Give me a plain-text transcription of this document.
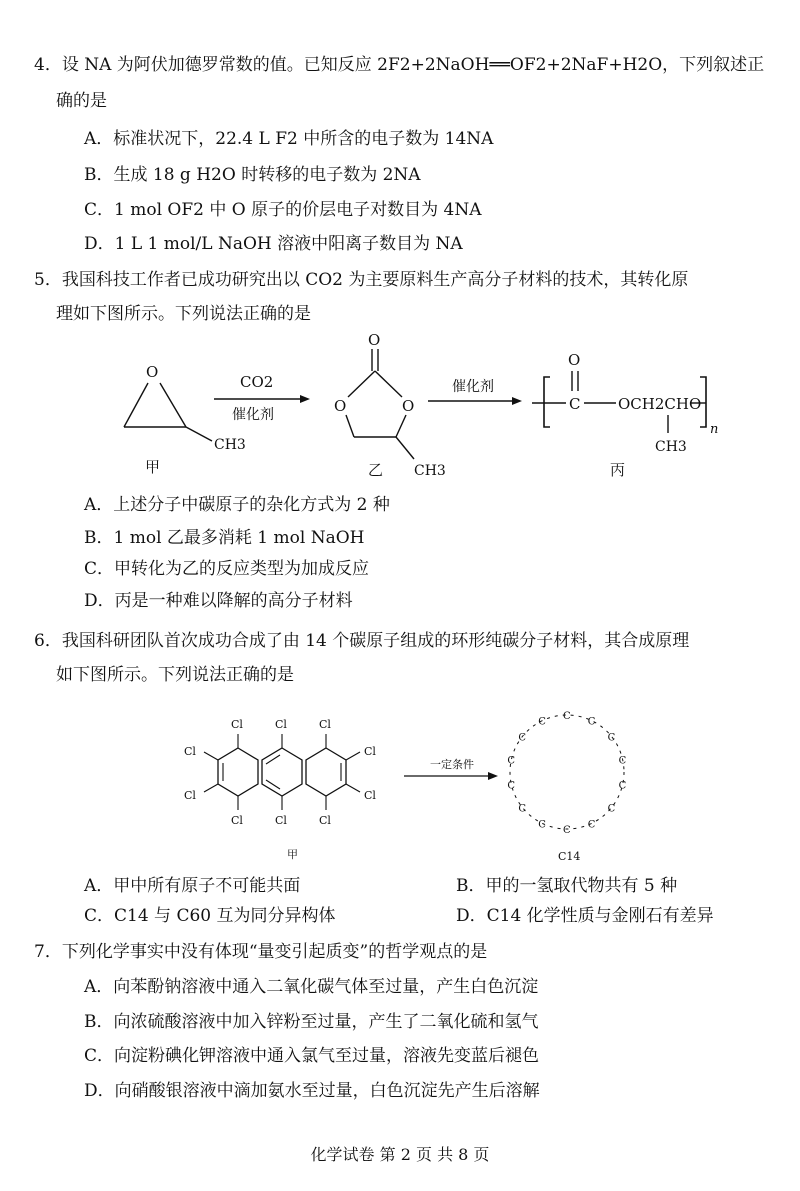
4．设 NA 为阿伏加德罗常数的值。已知反应 2F2+2NaOH══OF2+2NaF+H2O，下列叙述正
确的是
A．标准状况下，22.4 L F2 中所含的电子数为 14NA
B．生成 18 g H2O 时转移的电子数为 2NA
C．1 mol OF2 中 O 原子的价层电子对数目为 4NA
D．1 L 1 mol/L NaOH 溶液中阳离子数目为 NA
5．我国科技工作者已成功研究出以 CO2 为主要原料生产高分子材料的技术，其转化原
理如下图所示。下列说法正确的是
O
CH3
甲
CO2
催化剂
O
O	O
CH3
乙
催化剂
C
O
OCH2CHO
CH3
n
丙
A．上述分子中碳原子的杂化方式为 2 种
B．1 mol 乙最多消耗 1 mol NaOH
C．甲转化为乙的反应类型为加成反应
D．丙是一种难以降解的高分子材料
6．我国科研团队首次成功合成了由 14 个碳原子组成的环形纯碳分子材料，其合成原理
如下图所示。下列说法正确的是
Cl	Cl	Cl
Cl	Cl	Cl
Cl
Cl
Cl
Cl
甲
一定条件
C
C
C
C
C
C
C
C
C
C
C
C
C
C
C14
A．甲中所有原子不可能共面	B．甲的一氢取代物共有 5 种
C．C14 与 C60 互为同分异构体	D．C14 化学性质与金刚石有差异
7．下列化学事实中没有体现“量变引起质变”的哲学观点的是
A．向苯酚钠溶液中通入二氧化碳气体至过量，产生白色沉淀
B．向浓硫酸溶液中加入锌粉至过量，产生了二氧化硫和氢气
C．向淀粉碘化钾溶液中通入氯气至过量，溶液先变蓝后褪色
D．向硝酸银溶液中滴加氨水至过量，白色沉淀先产生后溶解
化学试卷 第 2 页 共 8 页
